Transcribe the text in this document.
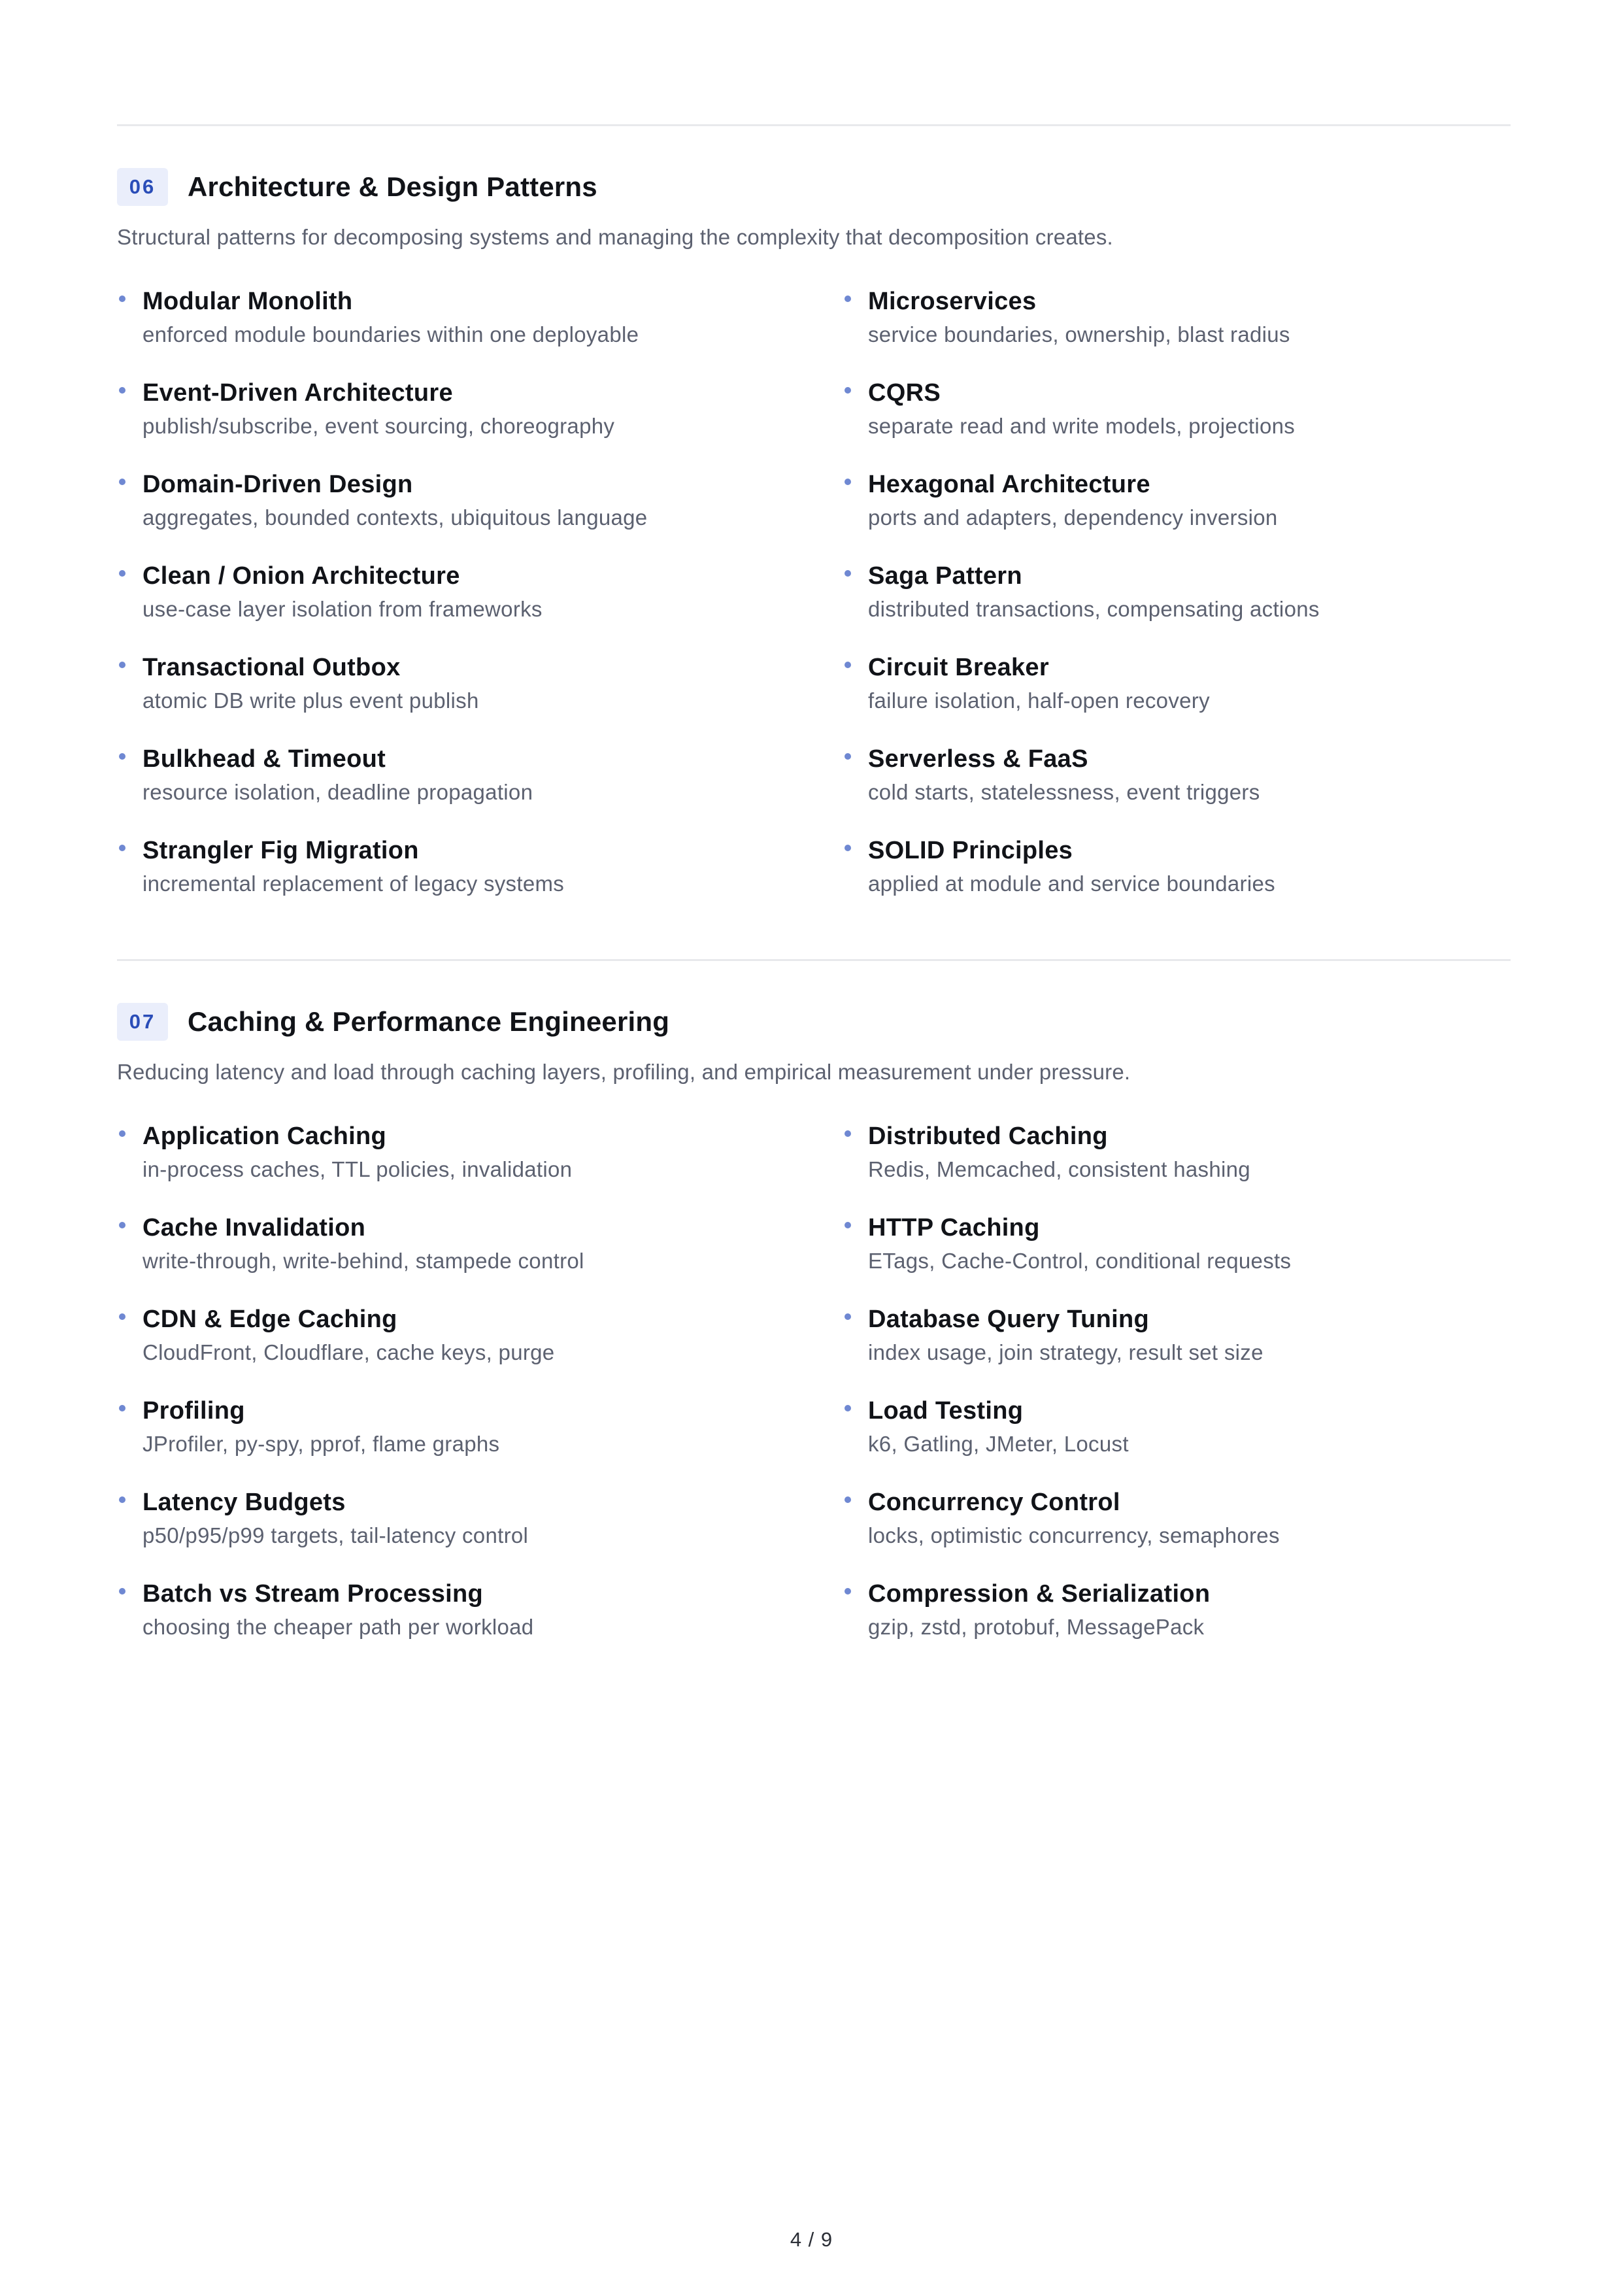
06	Architecture & Design Patterns
Structural patterns for decomposing systems and managing the complexity that decomposition creates.
Modular Monolith
enforced module boundaries within one deployable
Microservices
service boundaries, ownership, blast radius
Event-Driven Architecture
publish/subscribe, event sourcing, choreography
CQRS
separate read and write models, projections
Domain-Driven Design
aggregates, bounded contexts, ubiquitous language
Hexagonal Architecture
ports and adapters, dependency inversion
Clean / Onion Architecture
use-case layer isolation from frameworks
Saga Pattern
distributed transactions, compensating actions
Transactional Outbox
atomic DB write plus event publish
Circuit Breaker
failure isolation, half-open recovery
Bulkhead & Timeout
resource isolation, deadline propagation
Serverless & FaaS
cold starts, statelessness, event triggers
Strangler Fig Migration
incremental replacement of legacy systems
SOLID Principles
applied at module and service boundaries
07	Caching & Performance Engineering
Reducing latency and load through caching layers, profiling, and empirical measurement under pressure.
Application Caching
in-process caches, TTL policies, invalidation
Distributed Caching
Redis, Memcached, consistent hashing
Cache Invalidation
write-through, write-behind, stampede control
HTTP Caching
ETags, Cache-Control, conditional requests
CDN & Edge Caching
CloudFront, Cloudflare, cache keys, purge
Database Query Tuning
index usage, join strategy, result set size
Profiling
JProfiler, py-spy, pprof, flame graphs
Load Testing
k6, Gatling, JMeter, Locust
Latency Budgets
p50/p95/p99 targets, tail-latency control
Concurrency Control
locks, optimistic concurrency, semaphores
Batch vs Stream Processing
choosing the cheaper path per workload
Compression & Serialization
gzip, zstd, protobuf, MessagePack
4 / 9
